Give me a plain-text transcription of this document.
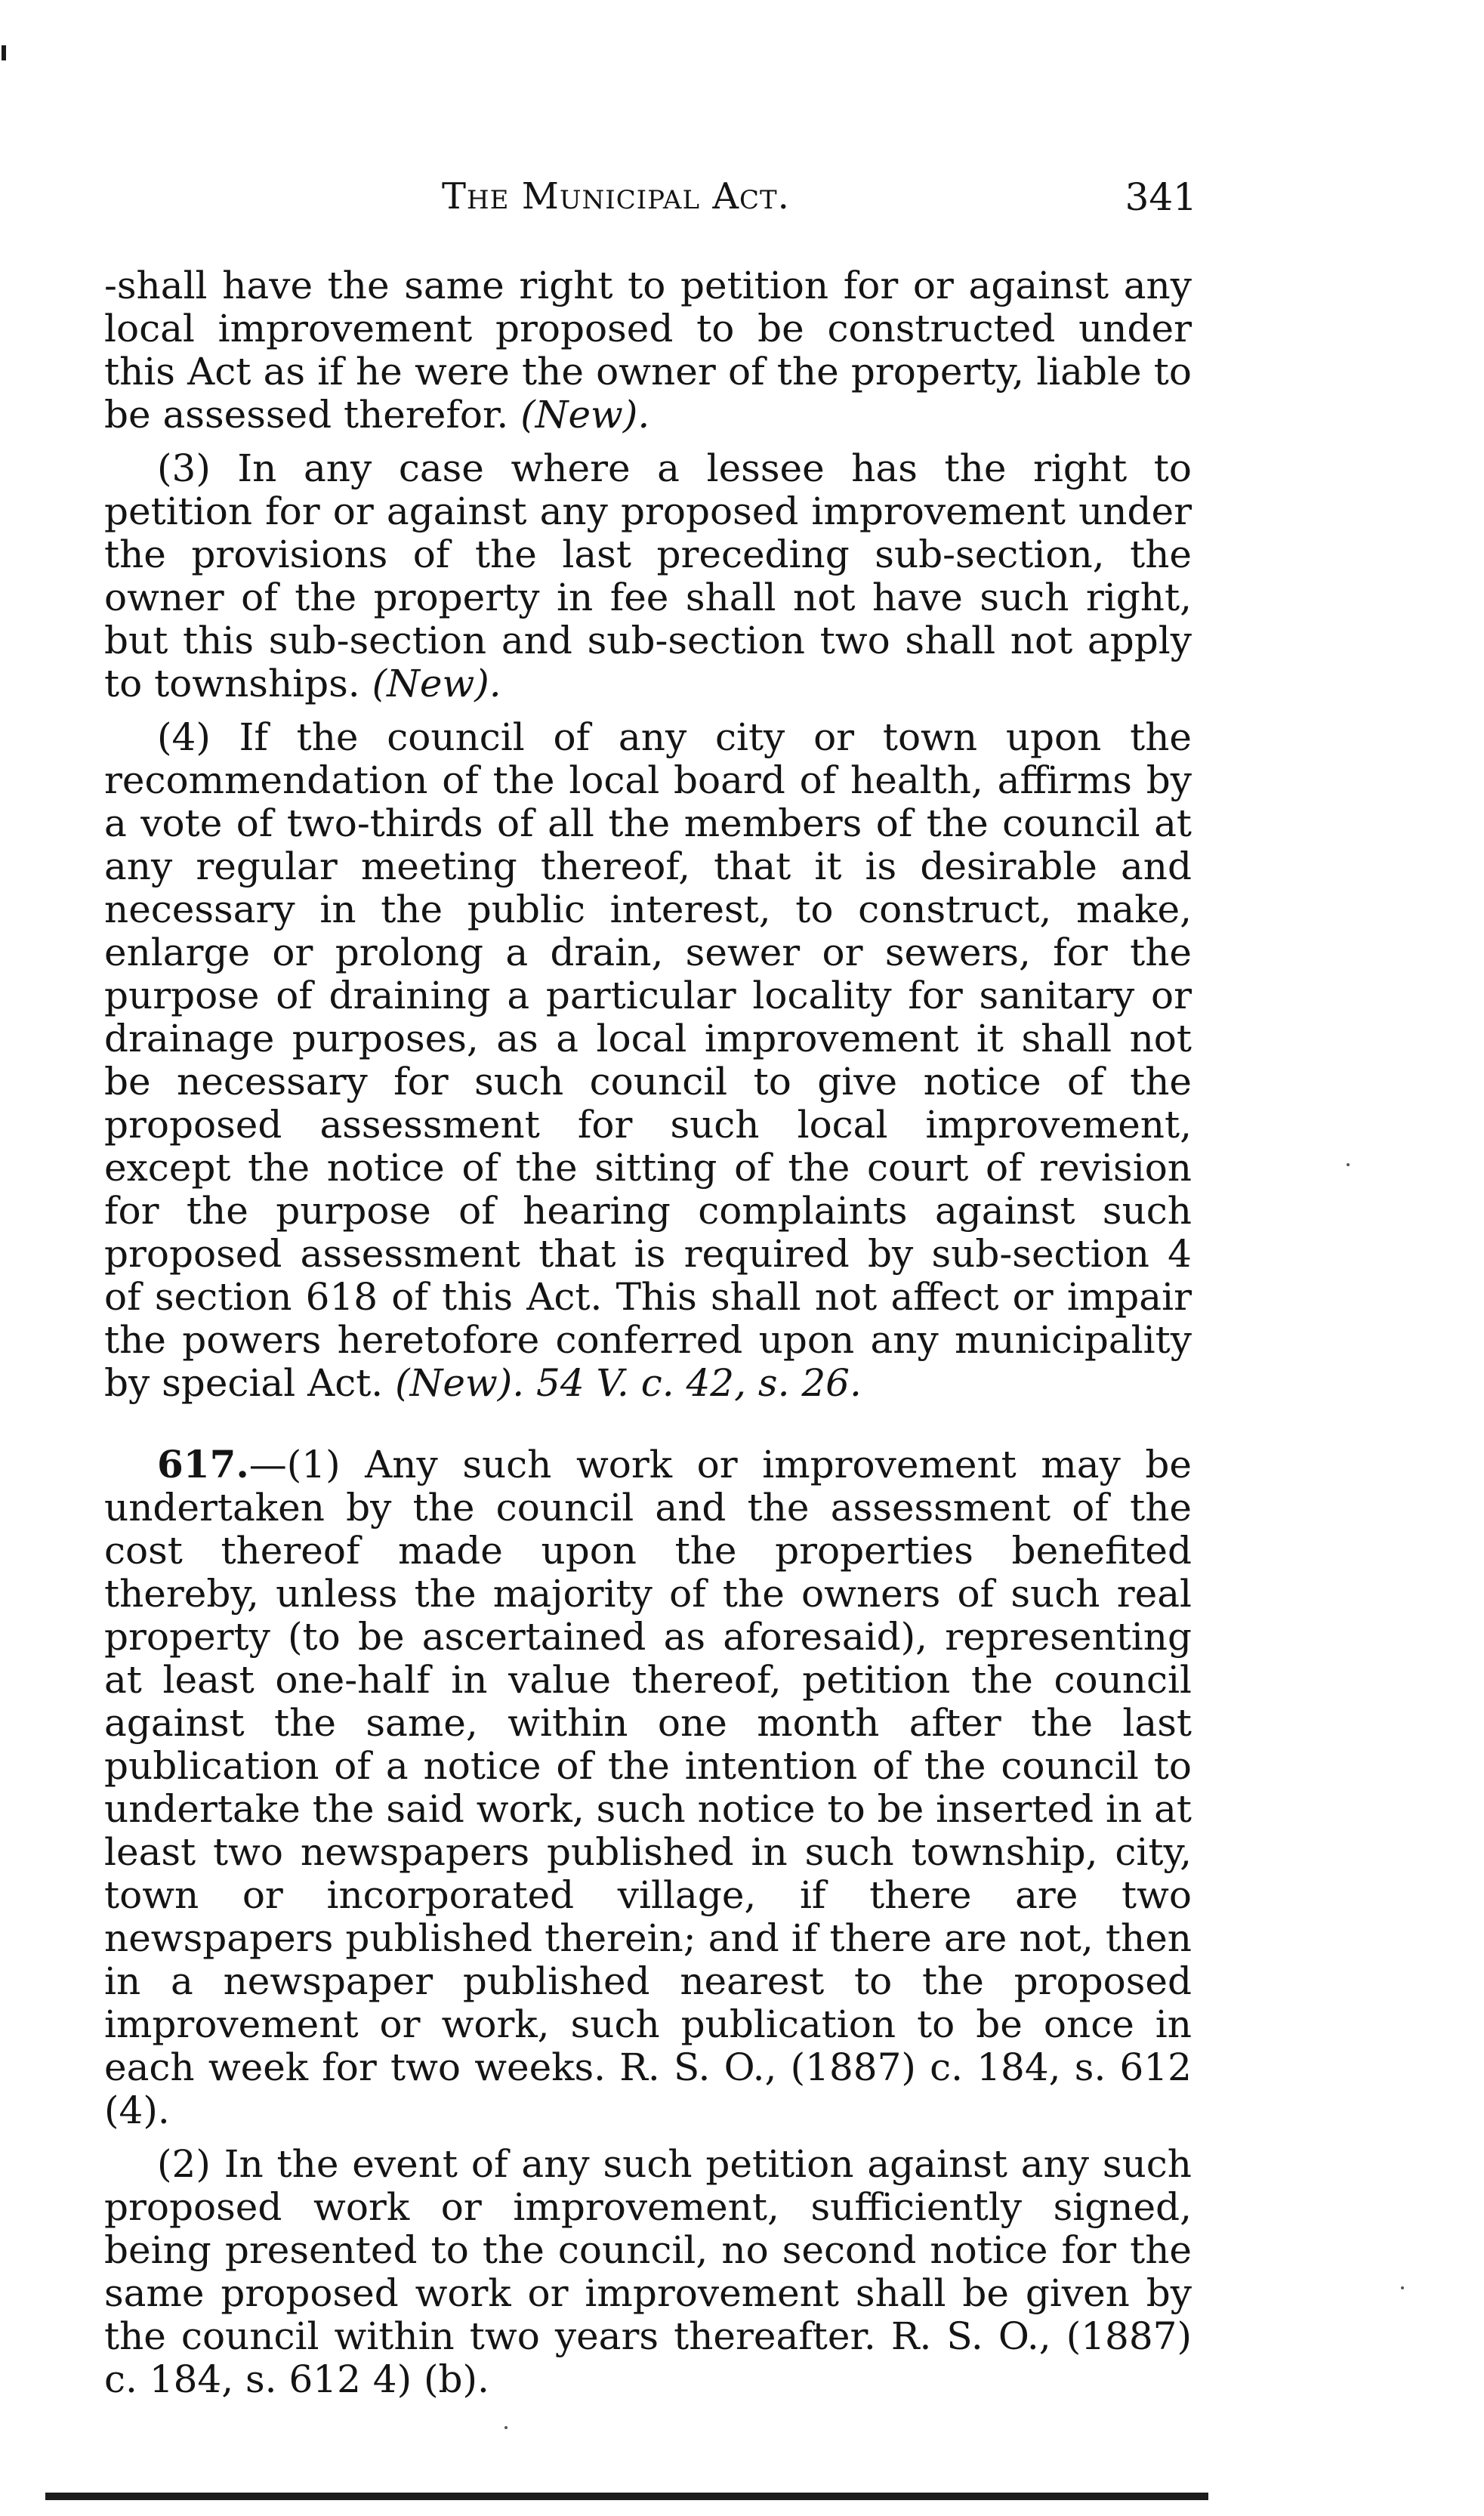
The Municipal Act.	341

-shall have the same right to petition for or against any local improvement proposed to be constructed under this Act as if he were the owner of the property, liable to be assessed therefor. (New).

(3) In any case where a lessee has the right to petition for or against any proposed improvement under the provisions of the last preceding sub-section, the owner of the property in fee shall not have such right, but this sub-section and sub-section two shall not apply to townships. (New).

(4) If the council of any city or town upon the recommendation of the local board of health, affirms by a vote of two-thirds of all the members of the council at any regular meeting thereof, that it is desirable and necessary in the public interest, to construct, make, enlarge or prolong a drain, sewer or sewers, for the purpose of draining a particular locality for sanitary or drainage purposes, as a local improvement it shall not be necessary for such council to give notice of the proposed assessment for such local improvement, except the notice of the sitting of the court of revision for the purpose of hearing complaints against such proposed assessment that is required by sub-section 4 of section 618 of this Act. This shall not affect or impair the powers heretofore conferred upon any municipality by special Act. (New). 54 V. c. 42, s. 26.

617.—(1) Any such work or improvement may be undertaken by the council and the assessment of the cost thereof made upon the properties benefited thereby, unless the majority of the owners of such real property (to be ascertained as aforesaid), representing at least one-half in value thereof, petition the council against the same, within one month after the last publication of a notice of the intention of the council to undertake the said work, such notice to be inserted in at least two newspapers published in such township, city, town or incorporated village, if there are two newspapers published therein; and if there are not, then in a newspaper published nearest to the proposed improvement or work, such publication to be once in each week for two weeks. R. S. O., (1887) c. 184, s. 612 (4).

(2) In the event of any such petition against any such proposed work or improvement, sufficiently signed, being presented to the council, no second notice for the same proposed work or improvement shall be given by the council within two years thereafter. R. S. O., (1887) c. 184, s. 612 4) (b).
